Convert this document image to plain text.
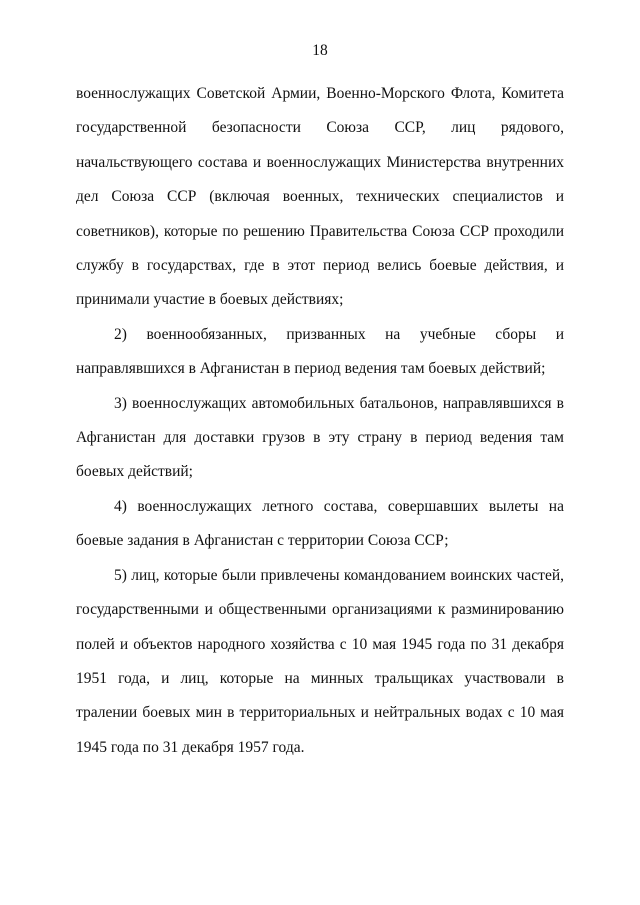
18

военнослужащих Советской Армии, Военно-Морского Флота, Комитета государственной безопасности Союза ССР, лиц рядового, начальствующего состава и военнослужащих Министерства внутренних дел Союза ССР (включая военных, технических специалистов и советников), которые по решению Правительства Союза ССР проходили службу в государствах, где в этот период велись боевые действия, и принимали участие в боевых действиях;

2) военнообязанных, призванных на учебные сборы и направлявшихся в Афганистан в период ведения там боевых действий;

3) военнослужащих автомобильных батальонов, направлявшихся в Афганистан для доставки грузов в эту страну в период ведения там боевых действий;

4) военнослужащих летного состава, совершавших вылеты на боевые задания в Афганистан с территории Союза ССР;

5) лиц, которые были привлечены командованием воинских частей, государственными и общественными организациями к разминированию полей и объектов народного хозяйства с 10 мая 1945 года по 31 декабря 1951 года, и лиц, которые на минных тральщиках участвовали в тралении боевых мин в территориальных и нейтральных водах с 10 мая 1945 года по 31 декабря 1957 года.
